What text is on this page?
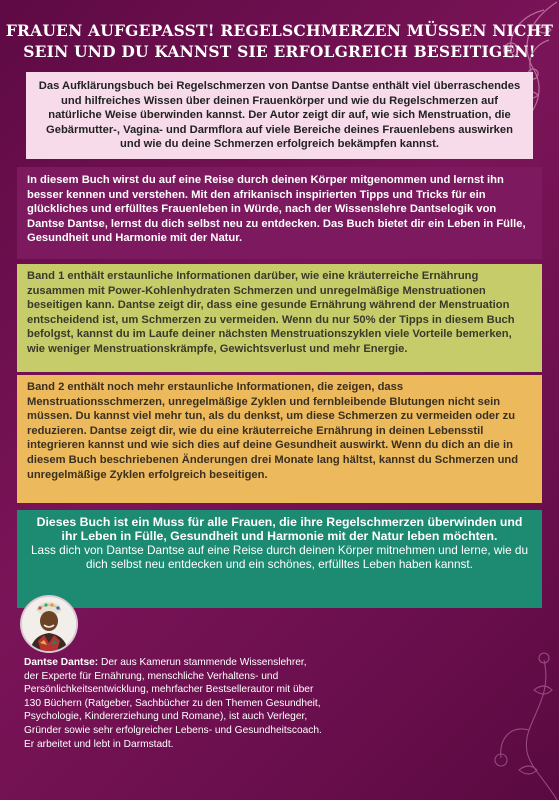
FRAUEN AUFGEPASST! REGELSCHMERZEN MÜSSEN NICHT
SEIN UND DU KANNST SIE ERFOLGREICH BESEITIGEN!

Das Aufklärungsbuch bei Regelschmerzen von Dantse Dantse enthält viel überraschendes und hilfreiches Wissen über deinen Frauenkörper und wie du Regelschmerzen auf natürliche Weise überwinden kannst. Der Autor zeigt dir auf, wie sich Menstruation, die Gebärmutter-, Vagina- und Darmflora auf viele Bereiche deines Frauenlebens auswirken und wie du deine Schmerzen erfolgreich bekämpfen kannst.

In diesem Buch wirst du auf eine Reise durch deinen Körper mitgenommen und lernst ihn besser kennen und verstehen. Mit den afrikanisch inspirierten Tipps und Tricks für ein glückliches und erfülltes Frauenleben in Würde, nach der Wissenslehre Dantselogik von Dantse Dantse, lernst du dich selbst neu zu entdecken. Das Buch bietet dir ein Leben in Fülle, Gesundheit und Harmonie mit der Natur.

Band 1 enthält erstaunliche Informationen darüber, wie eine kräuterreiche Ernährung zusammen mit Power-Kohlenhydraten Schmerzen und unregelmäßige Menstruationen beseitigen kann. Dantse zeigt dir, dass eine gesunde Ernährung während der Menstruation entscheidend ist, um Schmerzen zu vermeiden. Wenn du nur 50% der Tipps in diesem Buch befolgst, kannst du im Laufe deiner nächsten Menstruationszyklen viele Vorteile bemerken, wie weniger Menstruationskrämpfe, Gewichtsverlust und mehr Energie.

Band 2 enthält noch mehr erstaunliche Informationen, die zeigen, dass Menstruationsschmerzen, unregelmäßige Zyklen und fernbleibende Blutungen nicht sein müssen. Du kannst viel mehr tun, als du denkst, um diese Schmerzen zu vermeiden oder zu reduzieren. Dantse zeigt dir, wie du eine kräuterreiche Ernährung in deinen Lebensstil integrieren kannst und wie sich dies auf deine Gesundheit auswirkt. Wenn du dich an die in diesem Buch beschriebenen Änderungen drei Monate lang hältst, kannst du Schmerzen und unregelmäßige Zyklen erfolgreich beseitigen.

Dieses Buch ist ein Muss für alle Frauen, die ihre Regelschmerzen überwinden und ihr Leben in Fülle, Gesundheit und Harmonie mit der Natur leben möchten.

Lass dich von Dantse Dantse auf eine Reise durch deinen Körper mitnehmen und lerne, wie du dich selbst neu entdecken und ein schönes, erfülltes Leben haben kannst.

Dantse Dantse: Der aus Kamerun stammende Wissenslehrer, der Experte für Ernährung, menschliche Verhaltens- und Persönlichkeitsentwicklung, mehrfacher Bestsellerautor mit über 130 Büchern (Ratgeber, Sachbücher zu den Themen Gesundheit, Psychologie, Kindererziehung und Romane), ist auch Verleger, Gründer sowie sehr erfolgreicher Lebens- und Gesundheitscoach. Er arbeitet und lebt in Darmstadt.
